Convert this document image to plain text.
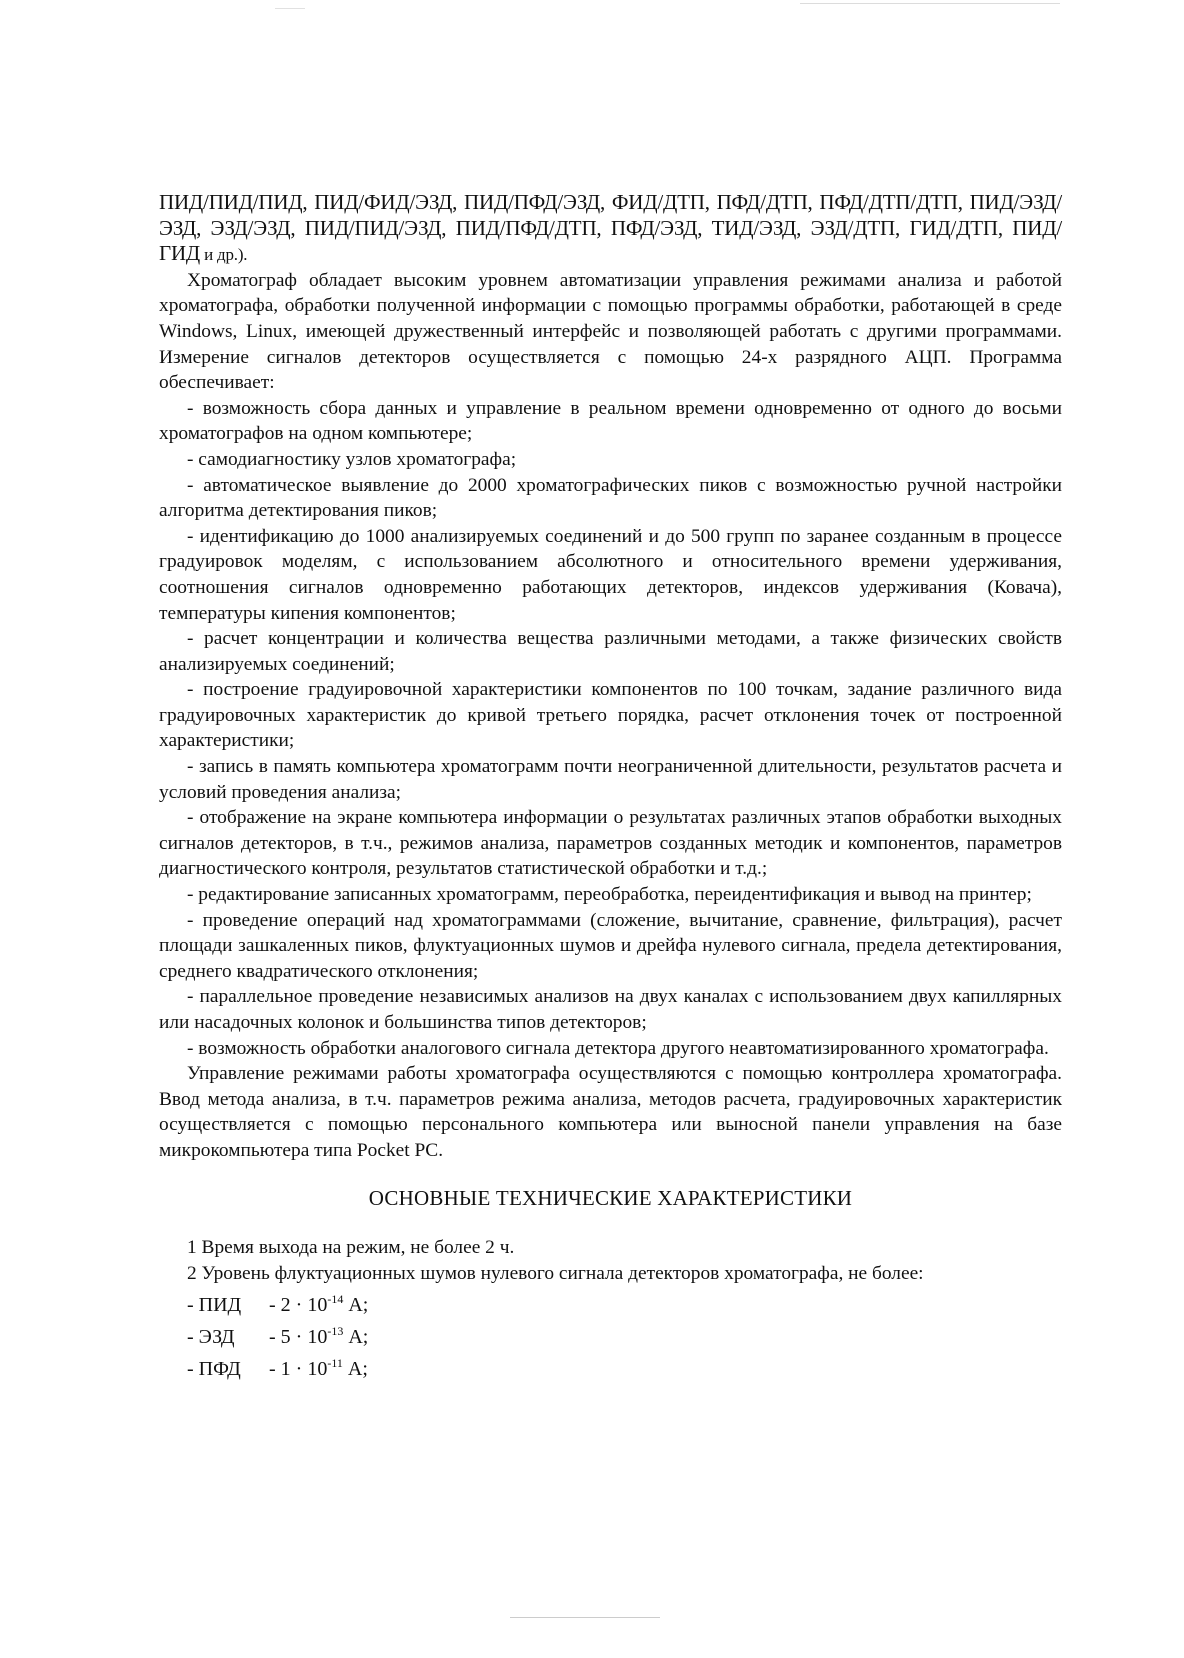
ПИД/ПИД/ПИД, ПИД/ФИД/ЭЗД, ПИД/ПФД/ЭЗД, ФИД/ДТП, ПФД/ДТП, ПФД/ДТП/ДТП, ПИД/ЭЗД/ЭЗД, ЭЗД/ЭЗД, ПИД/ПИД/ЭЗД, ПИД/ПФД/ДТП, ПФД/ЭЗД, ТИД/ЭЗД, ЭЗД/ДТП, ГИД/ДТП, ПИД/ГИД и др.).

Хроматограф обладает высоким уровнем автоматизации управления режимами анализа и работой хроматографа, обработки полученной информации с помощью программы обработки, работающей в среде Windows, Linux, имеющей дружественный интерфейс и позволяющей работать с другими программами. Измерение сигналов детекторов осуществляется с помощью 24-х разрядного АЦП. Программа обеспечивает:

- возможность сбора данных и управление в реальном времени одновременно от одного до восьми хроматографов на одном компьютере;

- самодиагностику узлов хроматографа;

- автоматическое выявление до 2000 хроматографических пиков с возможностью ручной настройки алгоритма детектирования пиков;

- идентификацию до 1000 анализируемых соединений и до 500 групп по заранее созданным в процессе градуировок моделям, с использованием абсолютного и относительного времени удерживания, соотношения сигналов одновременно работающих детекторов, индексов удерживания (Ковача), температуры кипения компонентов;

- расчет концентрации и количества вещества различными методами, а также физических свойств анализируемых соединений;

- построение градуировочной характеристики компонентов по 100 точкам, задание различного вида градуировочных характеристик до кривой третьего порядка, расчет отклонения точек от построенной характеристики;

- запись в память компьютера хроматограмм почти неограниченной длительности, результатов расчета и условий проведения анализа;

- отображение на экране компьютера информации о результатах различных этапов обработки выходных сигналов детекторов, в т.ч., режимов анализа, параметров созданных методик и компонентов, параметров диагностического контроля, результатов статистической обработки и т.д.;

- редактирование записанных хроматограмм, переобработка, переидентификация и вывод на принтер;

- проведение операций над хроматограммами (сложение, вычитание, сравнение, фильтрация), расчет площади зашкаленных пиков, флуктуационных шумов и дрейфа нулевого сигнала, предела детектирования, среднего квадратического отклонения;

- параллельное проведение независимых анализов на двух каналах с использованием двух капиллярных или насадочных колонок и большинства типов детекторов;

- возможность обработки аналогового сигнала детектора другого неавтоматизированного хроматографа.

Управление режимами работы хроматографа осуществляются с помощью контроллера хроматографа. Ввод метода анализа, в т.ч. параметров режима анализа, методов расчета, градуировочных характеристик осуществляется с помощью персонального компьютера или выносной панели управления на базе микрокомпьютера типа Pocket PC.

ОСНОВНЫЕ ТЕХНИЧЕСКИЕ ХАРАКТЕРИСТИКИ

1 Время выхода на режим, не более 2 ч.

2 Уровень флуктуационных шумов нулевого сигнала детекторов хроматографа, не более:

- ПИД	- $2 \cdot 10^{-14}$ А;
- ЭЗД	- $5 \cdot 10^{-13}$ А;
- ПФД	- $1 \cdot 10^{-11}$ А;
